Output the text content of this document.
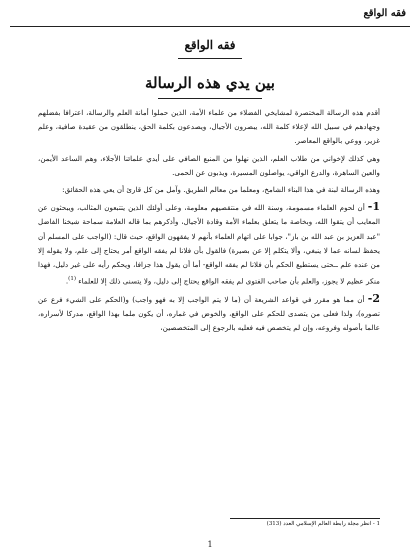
فقه الواقع
فقه الواقع
بين يدي هذه الرسالة

أقدم هذه الرسالة المختصرة لمشايخي الفضلاء من علماء الأمة، الذين حملوا أمانة العلم والرسالة، اعترافا بفضلهم وجهادهم في سبيل الله لإعلاء كلمة الله، يبصرون الأجيال، ويصدعون بكلمة الحق، ينطلقون من عقيدة صافية، وعلم غزير، ووعي بالواقع المعاصر.

وهي كذلك لإخواني من طلاب العلم، الذين نهلوا من المنبع الصافي على أيدي علمائنا الأجلاء، وهم الساعد الأيمن، والعين الساهرة، والدرع الواقي، يواصلون المسيرة، ويذبون عن الحمى.

وهذه الرسالة لبنة في هذا البناء الشامخ، ومعلما من معالم الطريق. وآمل من كل قارئ أن يعي هذه الحقائق:

1- أن لحوم العلماء مسمومة، وسنة الله في منتقصيهم معلومة، وعلى أولئك الذين يتتبعون المثالب، ويبحثون عن المعايب أن يتقوا الله، وبخاصة ما يتعلق بعلماء الأمة وقادة الأجيال، وأذكرهم بما قاله العلامة سماحة شيخنا الفاضل "عبد العزيز بن عبد الله بن باز"، جوابا على اتهام العلماء بأنهم لا يفقهون الواقع، حيث قال: (الواجب على المسلم أن يحفظ لسانه عما لا ينبغي، وألا يتكلم إلا عن بصيرة) فالقول بأن فلانا لم يفقه الواقع أمر يحتاج إلى علم، ولا يقوله إلا من عنده علم ــحتى يستطيع الحكم بأن فلانا لم يفقه الواقع- أما أن يقول هذا جزافا، ويحكم رأيه على غير دليل، فهذا منكر عظيم لا يجوز، والعلم بأن صاحب الفتوى لم يفقه الواقع يحتاج إلى دليل، ولا يتسنى ذلك إلا للعلماء $^{(1)}$.

2- أن مما هو مقرر في قواعد الشريعة أن (ما لا يتم الواجب إلا به فهو واجب) و(الحكم على الشيء فرع عن تصوره)، ولذا فعلى من يتصدى للحكم على الواقع، والخوض في غماره، أن يكون ملما بهذا الواقع، مدركا لأسراره، عالما بأصوله وفروعه، وإن لم يتخصص فيه فعليه بالرجوع إلى المتخصصين،

1 - انظر مجلة رابطة العالم الإسلامي العدد (313)
1
